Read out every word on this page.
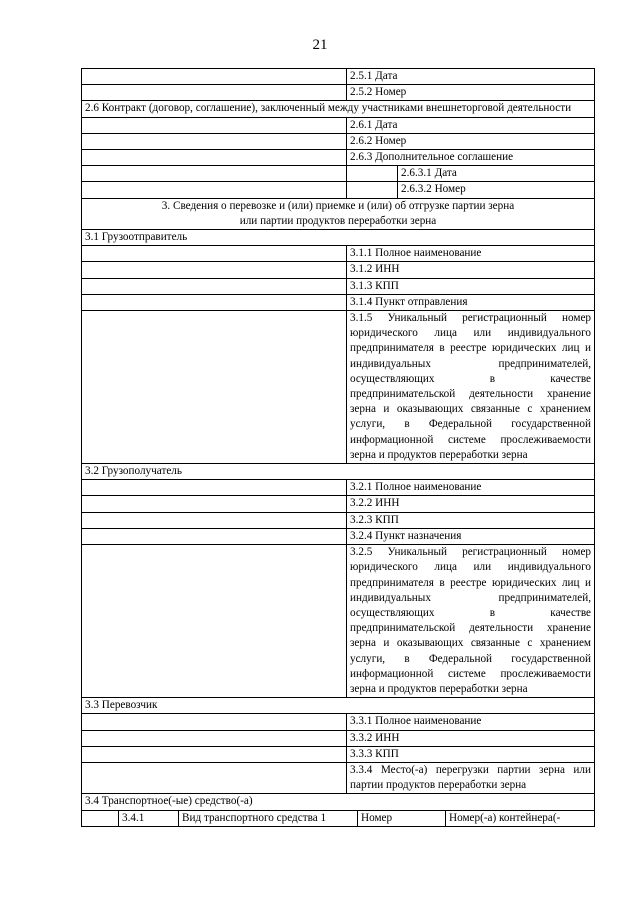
21
2.5.1 Дата
2.5.2 Номер
2.6 Контракт (договор, соглашение), заключенный между участниками внешнеторговой деятельности
2.6.1 Дата
2.6.2 Номер
2.6.3 Дополнительное соглашение
2.6.3.1 Дата
2.6.3.2 Номер
3. Сведения о перевозке и (или) приемке и (или) об отгрузке партии зерна
или партии продуктов переработки зерна
3.1 Грузоотправитель
3.1.1 Полное наименование
3.1.2 ИНН
3.1.3 КПП
3.1.4 Пункт отправления
3.1.5 Уникальный регистрационный номер юридического лица или индивидуального предпринимателя в реестре юридических лиц и индивидуальных предпринимателей, осуществляющих в качестве предпринимательской деятельности хранение зерна и оказывающих связанные с хранением услуги, в Федеральной государственной информационной системе прослеживаемости зерна и продуктов переработки зерна
3.2 Грузополучатель
3.2.1 Полное наименование
3.2.2 ИНН
3.2.3 КПП
3.2.4 Пункт назначения
3.2.5 Уникальный регистрационный номер юридического лица или индивидуального предпринимателя в реестре юридических лиц и индивидуальных предпринимателей, осуществляющих в качестве предпринимательской деятельности хранение зерна и оказывающих связанные с хранением услуги, в Федеральной государственной информационной системе прослеживаемости зерна и продуктов переработки зерна
3.3 Перевозчик
3.3.1 Полное наименование
3.3.2 ИНН
3.3.3 КПП
3.3.4 Место(-а) перегрузки партии зерна или партии продуктов переработки зерна
3.4 Транспортное(-ые) средство(-а)
3.4.1	Вид транспортного средства 1	Номер	Номер(-а) контейнера(-
